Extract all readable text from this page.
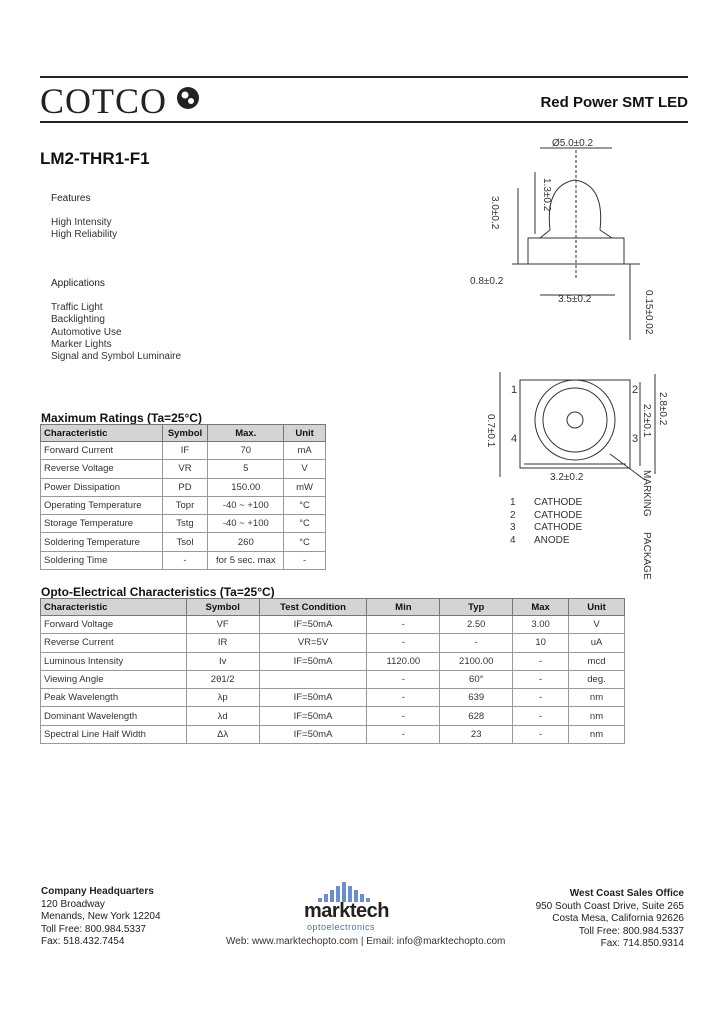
COTCO	Red Power SMT LED
LM2-THR1-F1
Features
High Intensity
High Reliability
Applications
Traffic Light
Backlighting
Automotive Use
Marker Lights
Signal and Symbol Luminaire
Maximum Ratings (Ta=25°C)
Characteristic	Symbol	Max.	Unit
Forward Current	IF	70	mA
Reverse Voltage	VR	5	V
Power Dissipation	PD	150.00	mW
Operating Temperature	Topr	-40 ~ +100	°C
Storage Temperature	Tstg	-40 ~ +100	°C
Soldering Temperature	Tsol	260	°C
Soldering Time	-	for 5 sec. max	-
Opto-Electrical Characteristics (Ta=25°C)
Characteristic	Symbol	Test Condition	Min	Typ	Max	Unit
Forward Voltage	VF	IF=50mA	-	2.50	3.00	V
Reverse Current	IR	VR=5V	-	-	10	uA
Luminous Intensity	Iv	IF=50mA	1120.00	2100.00	-	mcd
Viewing Angle	2θ1/2		-	60°	-	deg.
Peak Wavelength	λp	IF=50mA	-	639	-	nm
Dominant Wavelength	λd	IF=50mA	-	628	-	nm
Spectral Line Half Width	Δλ	IF=50mA	-	23	-	nm
Ø5.0±0.2
1.3±0.2
3.0±0.2
0.8±0.2
3.5±0.2	0.15±0.02
1	2
3
4
0.7±0.1	2.2±0.1 2.8±0.2
3.2±0.2	MARKING
PACKAGE
1 CATHODE
2 CATHODE
3 CATHODE
4 ANODE
Company Headquarters
120 Broadway
Menands, New York 12204
Toll Free: 800.984.5337
Fax: 518.432.7454
marktech
optoelectronics
Web: www.marktechopto.com | Email: info@marktechopto.com
West Coast Sales Office
950 South Coast Drive, Suite 265
Costa Mesa, California 92626
Toll Free: 800.984.5337
Fax: 714.850.9314
